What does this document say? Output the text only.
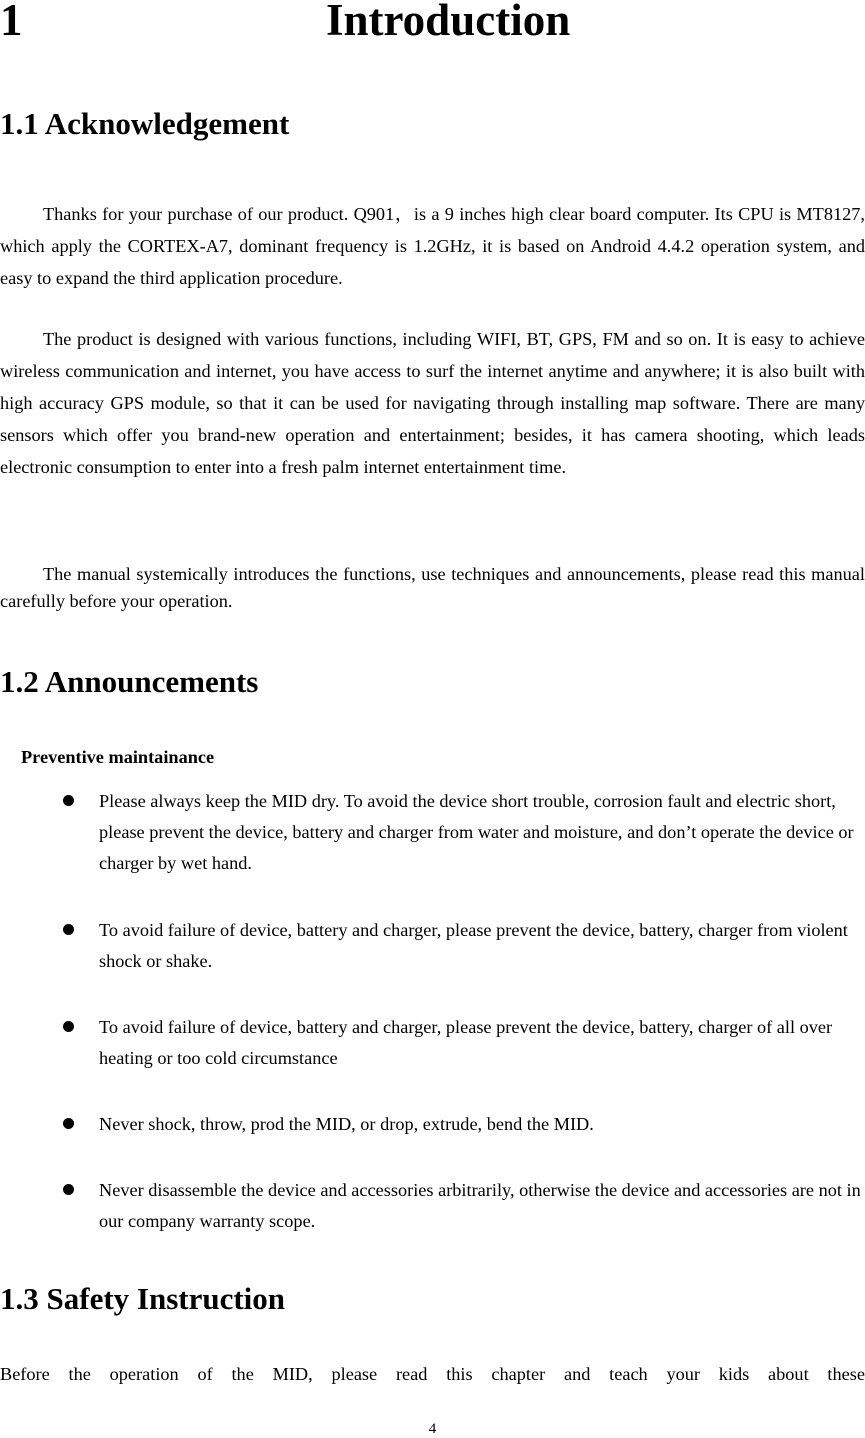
1	Introduction
1.1 Acknowledgement

Thanks for your purchase of our product. Q901，is a 9 inches high clear board computer. Its CPU is MT8127, which apply the CORTEX-A7, dominant frequency is 1.2GHz, it is based on Android 4.4.2 operation system, and easy to expand the third application procedure.

The product is designed with various functions, including WIFI, BT, GPS, FM and so on. It is easy to achieve wireless communication and internet, you have access to surf the internet anytime and anywhere; it is also built with high accuracy GPS module, so that it can be used for navigating through installing map software. There are many sensors which offer you brand-new operation and entertainment; besides, it has camera shooting, which leads electronic consumption to enter into a fresh palm internet entertainment time.

The manual systemically introduces the functions, use techniques and announcements, please read this manual carefully before your operation.

1.2 Announcements
Preventive maintainance

Please always keep the MID dry. To avoid the device short trouble, corrosion fault and electric short, please prevent the device, battery and charger from water and moisture, and don’t operate the device or charger by wet hand.

To avoid failure of device, battery and charger, please prevent the device, battery, charger from violent shock or shake.

To avoid failure of device, battery and charger, please prevent the device, battery, charger of all over heating or too cold circumstance

Never shock, throw, prod the MID, or drop, extrude, bend the MID.

Never disassemble the device and accessories arbitrarily, otherwise the device and accessories are not in our company warranty scope.

1.3 Safety Instruction

Before the operation of the MID, please read this chapter and teach your kids about these

4
